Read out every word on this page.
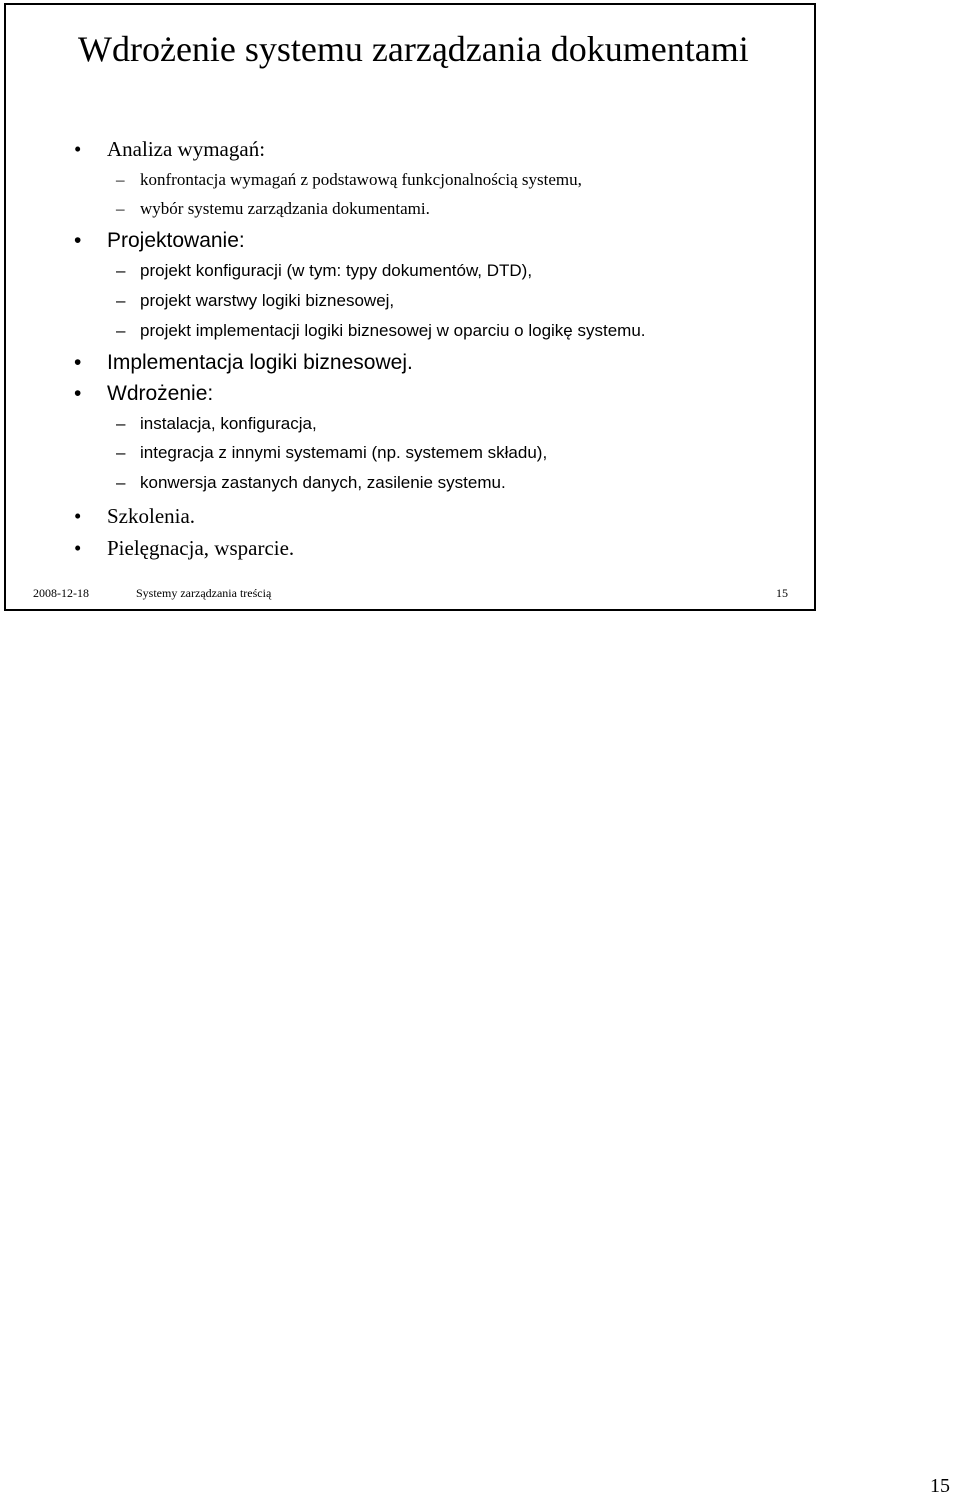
Wdrożenie systemu zarządzania dokumentami
• Analiza wymagań:
– konfrontacja wymagań z podstawową funkcjonalnością systemu,
– wybór systemu zarządzania dokumentami.
• Projektowanie:
– projekt konfiguracji (w tym: typy dokumentów, DTD),
– projekt warstwy logiki biznesowej,
– projekt implementacji logiki biznesowej w oparciu o logikę systemu.
• Implementacja logiki biznesowej.
• Wdrożenie:
– instalacja, konfiguracja,
– integracja z innymi systemami (np. systemem składu),
– konwersja zastanych danych, zasilenie systemu.
• Szkolenia.
• Pielęgnacja, wsparcie.
2008-12-18	Systemy zarządzania treścią	15
15
